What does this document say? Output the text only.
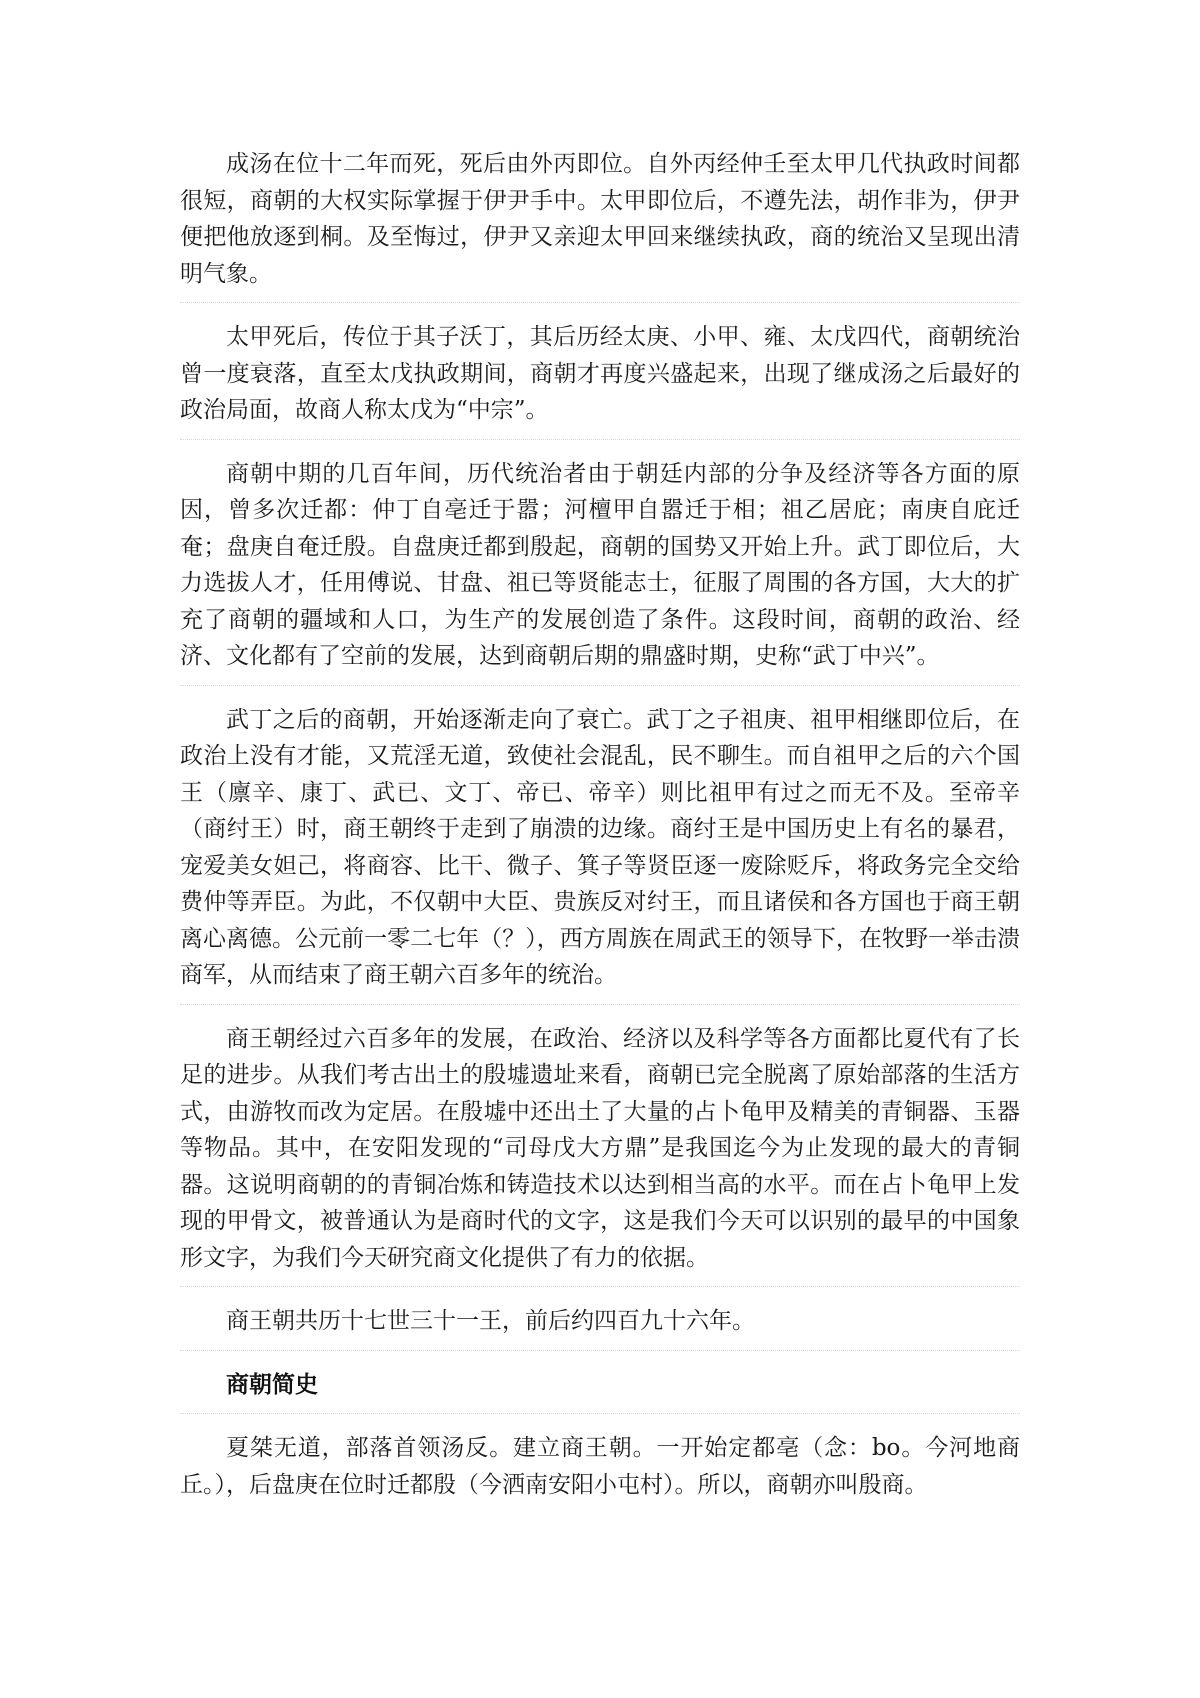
成汤在位十二年而死，死后由外丙即位。自外丙经仲壬至太甲几代执政时间都很短，商朝的大权实际掌握于伊尹手中。太甲即位后，不遵先法，胡作非为，伊尹便把他放逐到桐。及至悔过，伊尹又亲迎太甲回来继续执政，商的统治又呈现出清明气象。

太甲死后，传位于其子沃丁，其后历经太庚、小甲、雍、太戊四代，商朝统治曾一度衰落，直至太戊执政期间，商朝才再度兴盛起来，出现了继成汤之后最好的政治局面，故商人称太戊为“中宗”。

商朝中期的几百年间，历代统治者由于朝廷内部的分争及经济等各方面的原因，曾多次迁都：仲丁自亳迁于嚣；河檀甲自嚣迁于相；祖乙居庇；南庚自庇迁奄；盘庚自奄迁殷。自盘庚迁都到殷起，商朝的国势又开始上升。武丁即位后，大力选拔人才，任用傅说、甘盘、祖已等贤能志士，征服了周围的各方国，大大的扩充了商朝的疆域和人口，为生产的发展创造了条件。这段时间，商朝的政治、经济、文化都有了空前的发展，达到商朝后期的鼎盛时期，史称“武丁中兴”。

武丁之后的商朝，开始逐渐走向了衰亡。武丁之子祖庚、祖甲相继即位后，在政治上没有才能，又荒淫无道，致使社会混乱，民不聊生。而自祖甲之后的六个国王（廪辛、康丁、武已、文丁、帝已、帝辛）则比祖甲有过之而无不及。至帝辛（商纣王）时，商王朝终于走到了崩溃的边缘。商纣王是中国历史上有名的暴君，宠爱美女妲己，将商容、比干、微子、箕子等贤臣逐一废除贬斥，将政务完全交给费仲等弄臣。为此，不仅朝中大臣、贵族反对纣王，而且诸侯和各方国也于商王朝离心离德。公元前一零二七年（？），西方周族在周武王的领导下，在牧野一举击溃商军，从而结束了商王朝六百多年的统治。

商王朝经过六百多年的发展，在政治、经济以及科学等各方面都比夏代有了长足的进步。从我们考古出土的殷墟遗址来看，商朝已完全脱离了原始部落的生活方式，由游牧而改为定居。在殷墟中还出土了大量的占卜龟甲及精美的青铜器、玉器等物品。其中，在安阳发现的“司母戊大方鼎”是我国迄今为止发现的最大的青铜器。这说明商朝的的青铜冶炼和铸造技术以达到相当高的水平。而在占卜龟甲上发现的甲骨文，被普通认为是商时代的文字，这是我们今天可以识别的最早的中国象形文字，为我们今天研究商文化提供了有力的依据。

商王朝共历十七世三十一王，前后约四百九十六年。

商朝简史

夏桀无道，部落首领汤反。建立商王朝。一开始定都亳（念：bo。今河地商丘。），后盘庚在位时迁都殷（今洒南安阳小屯村）。所以，商朝亦叫殷商。
